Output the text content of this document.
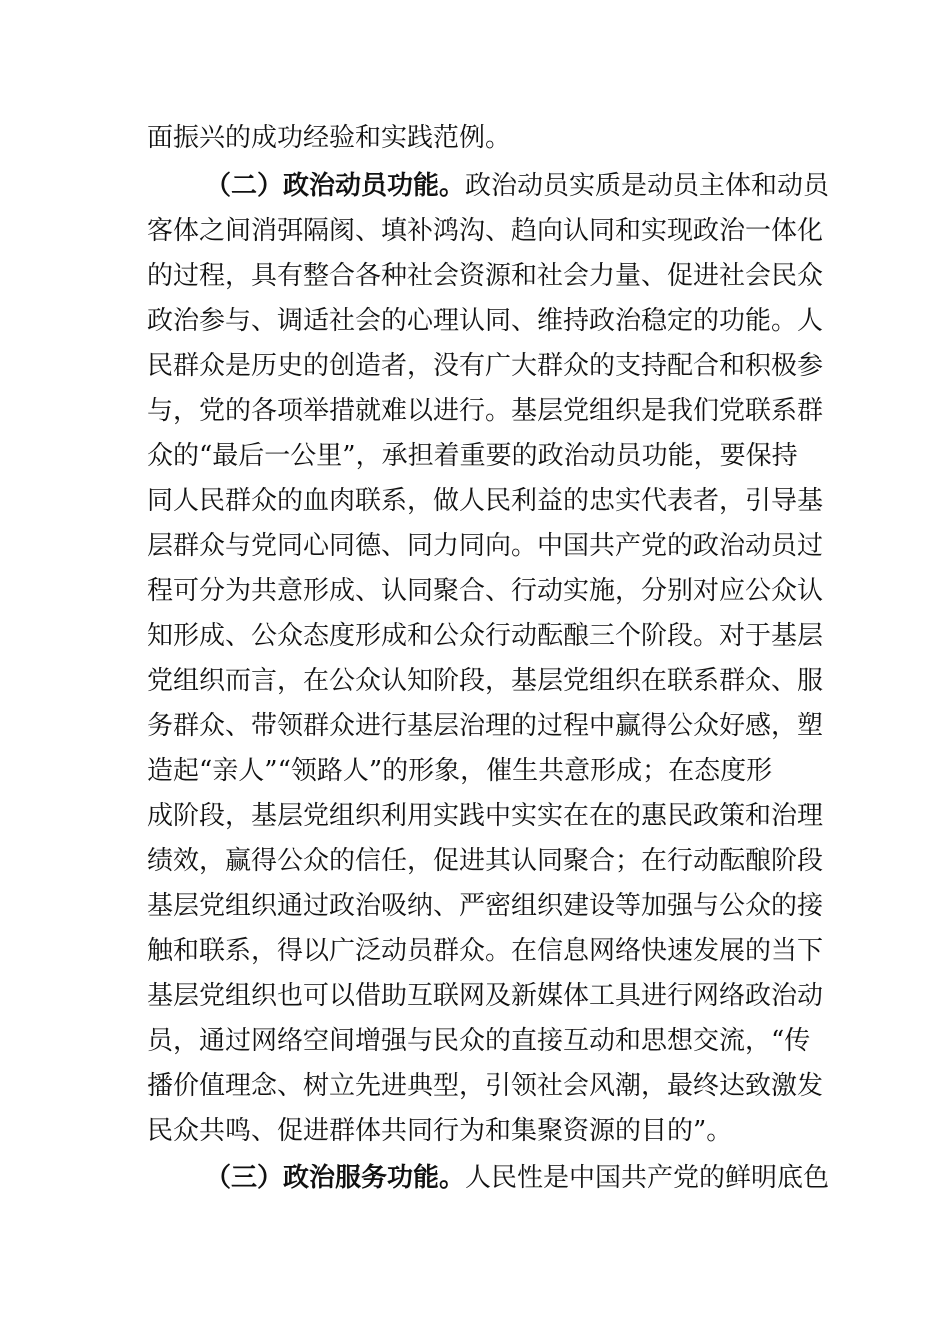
面振兴的成功经验和实践范例。
（二）政治动员功能。政治动员实质是动员主体和动员
客体之间消弭隔阂、填补鸿沟、趋向认同和实现政治一体化
的过程，具有整合各种社会资源和社会力量、促进社会民众
政治参与、调适社会的心理认同、维持政治稳定的功能。人
民群众是历史的创造者，没有广大群众的支持配合和积极参
与，党的各项举措就难以进行。基层党组织是我们党联系群
众的“最后一公里”，承担着重要的政治动员功能，要保持
同人民群众的血肉联系，做人民利益的忠实代表者，引导基
层群众与党同心同德、同力同向。中国共产党的政治动员过
程可分为共意形成、认同聚合、行动实施，分别对应公众认
知形成、公众态度形成和公众行动酝酿三个阶段。对于基层
党组织而言，在公众认知阶段，基层党组织在联系群众、服
务群众、带领群众进行基层治理的过程中赢得公众好感，塑
造起“亲人”“领路人”的形象，催生共意形成；在态度形
成阶段，基层党组织利用实践中实实在在的惠民政策和治理
绩效，赢得公众的信任，促进其认同聚合；在行动酝酿阶段
基层党组织通过政治吸纳、严密组织建设等加强与公众的接
触和联系，得以广泛动员群众。在信息网络快速发展的当下
基层党组织也可以借助互联网及新媒体工具进行网络政治动
员，通过网络空间增强与民众的直接互动和思想交流，“传
播价值理念、树立先进典型，引领社会风潮，最终达致激发
民众共鸣、促进群体共同行为和集聚资源的目的”。
（三）政治服务功能。人民性是中国共产党的鲜明底色
